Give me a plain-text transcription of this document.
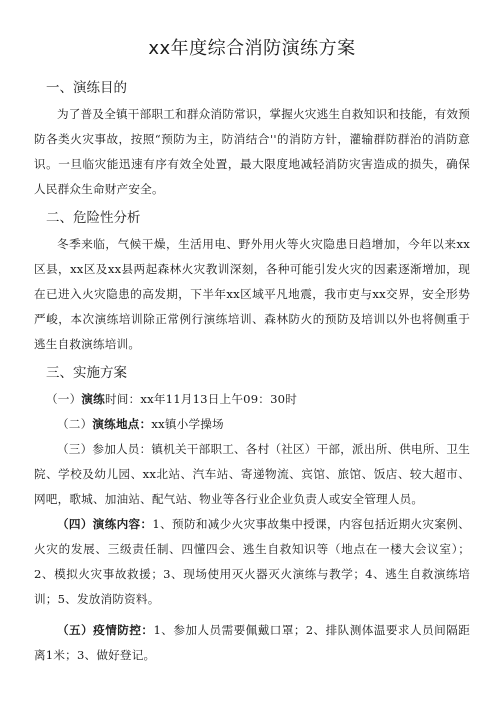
xx年度综合消防演练方案
一、演练目的

为了普及全镇干部职工和群众消防常识，掌握火灾逃生自救知识和技能，有效预防各类火灾事故，按照“预防为主，防消结合''的消防方针，灌输群防群治的消防意识。一旦临灾能迅速有序有效全处置，最大限度地减轻消防灾害造成的损失，确保人民群众生命财产安全。

二、危险性分析

冬季来临，气候干燥，生活用电、野外用火等火灾隐患日趋增加，今年以来xx区县，xx区及xx县两起森林火灾教训深刻，各种可能引发火灾的因素逐渐增加，现在已进入火灾隐患的高发期，下半年xx区域平凡地震，我市吏与xx交界，安全形势严峻，本次演练培训除正常例行演练培训、森林防火的预防及培训以外也将侧重于逃生自救演练培训。

三、实施方案

（一）演练时间：xx年11月13日上午09：30时

（二）演练地点：xx镇小学操场

（三）参加人员：镇机关干部职工、各村（社区）干部，派出所、供电所、卫生院、学校及幼儿园、xx北站、汽车站、寄递物流、宾馆、旅馆、饭店、较大超市、网吧，歌城、加油站、配气站、物业等各行业企业负责人或安全管理人员。

（四）演练内容：1、预防和减少火灾事故集中授课，内容包括近期火灾案例、火灾的发展、三级责任制、四懂四会、逃生自救知识等（地点在一楼大会议室）；2、模拟火灾事故救援；3、现场使用灭火器灭火演练与教学；4、逃生自救演练培训；5、发放消防资料。

（五）疫情防控：1、参加人员需要佩戴口罩；2、排队测体温要求人员间隔距离1米；3、做好登记。
